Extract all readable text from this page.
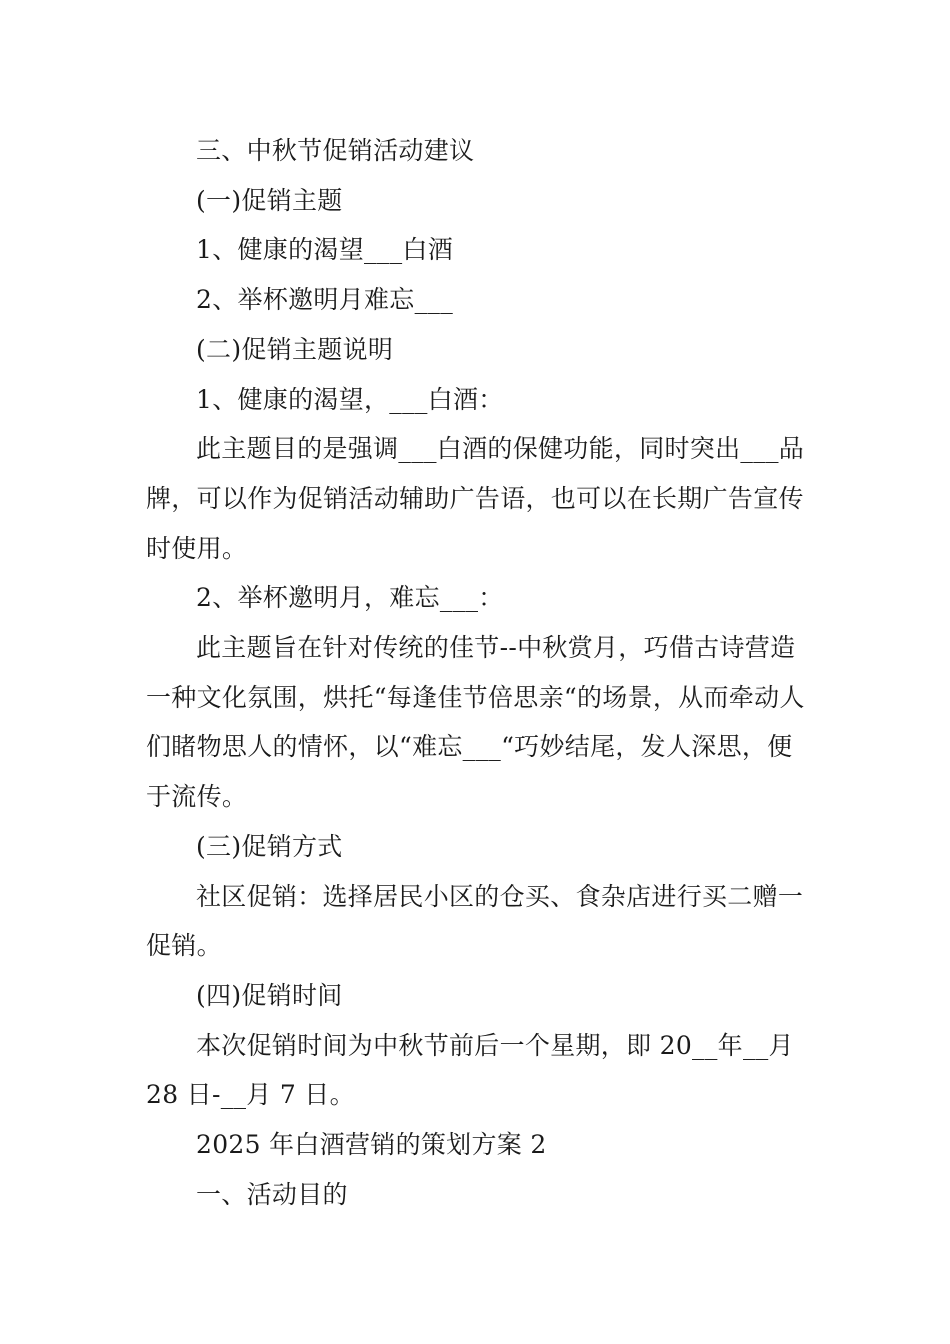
三、中秋节促销活动建议

(一)促销主题

1、健康的渴望___白酒

2、举杯邀明月难忘___

(二)促销主题说明

1、健康的渴望，___白酒：

此主题目的是强调___白酒的保健功能，同时突出___品牌，可以作为促销活动辅助广告语，也可以在长期广告宣传时使用。

2、举杯邀明月，难忘___：

此主题旨在针对传统的佳节--中秋赏月，巧借古诗营造一种文化氛围，烘托“每逢佳节倍思亲“的场景，从而牵动人们睹物思人的情怀，以“难忘___“巧妙结尾，发人深思，便于流传。

(三)促销方式

社区促销：选择居民小区的仓买、食杂店进行买二赠一促销。

(四)促销时间

本次促销时间为中秋节前后一个星期，即 20__年__月 28 日-__月 7 日。

2025 年白酒营销的策划方案 2

一、活动目的
